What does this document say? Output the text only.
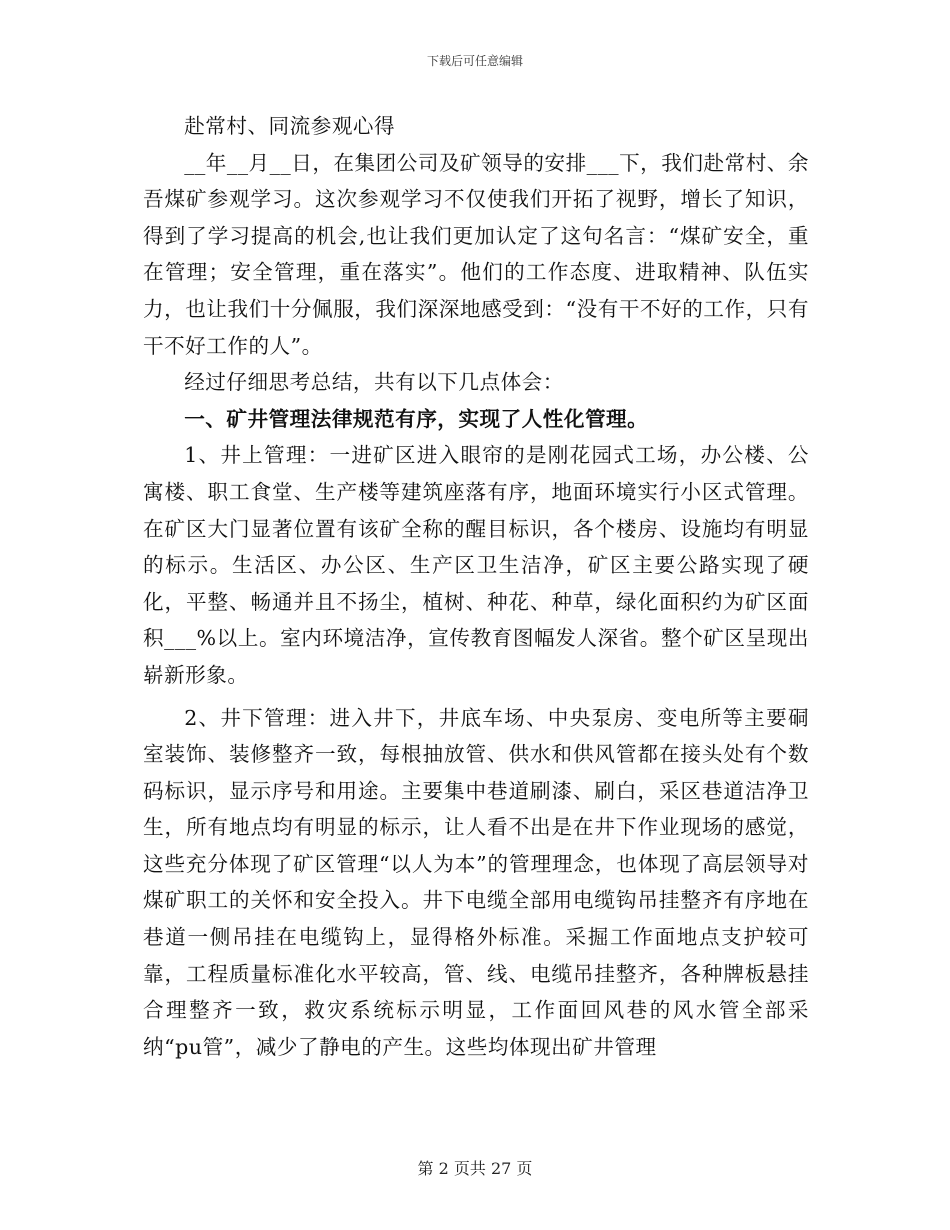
下载后可任意编辑

赴常村、同流参观心得

__年__月__日，在集团公司及矿领导的安排___下，我们赴常村、余吾煤矿参观学习。这次参观学习不仅使我们开拓了视野，增长了知识，得到了学习提高的机会,也让我们更加认定了这句名言：“煤矿安全，重在管理；安全管理，重在落实”。他们的工作态度、进取精神、队伍实力，也让我们十分佩服，我们深深地感受到：“没有干不好的工作，只有干不好工作的人”。

经过仔细思考总结，共有以下几点体会：

一、矿井管理法律规范有序，实现了人性化管理。

1、井上管理：一进矿区进入眼帘的是刚花园式工场，办公楼、公寓楼、职工食堂、生产楼等建筑座落有序，地面环境实行小区式管理。在矿区大门显著位置有该矿全称的醒目标识，各个楼房、设施均有明显的标示。生活区、办公区、生产区卫生洁净，矿区主要公路实现了硬化，平整、畅通并且不扬尘，植树、种花、种草，绿化面积约为矿区面积___%以上。室内环境洁净，宣传教育图幅发人深省。整个矿区呈现出崭新形象。

2、井下管理：进入井下，井底车场、中央泵房、变电所等主要硐室装饰、装修整齐一致，每根抽放管、供水和供风管都在接头处有个数码标识，显示序号和用途。主要集中巷道刷漆、刷白，采区巷道洁净卫生，所有地点均有明显的标示，让人看不出是在井下作业现场的感觉，这些充分体现了矿区管理“以人为本”的管理理念，也体现了高层领导对煤矿职工的关怀和安全投入。井下电缆全部用电缆钩吊挂整齐有序地在巷道一侧吊挂在电缆钩上，显得格外标准。采掘工作面地点支护较可靠，工程质量标准化水平较高，管、线、电缆吊挂整齐，各种牌板悬挂合理整齐一致，救灾系统标示明显，工作面回风巷的风水管全部采纳“pu管”，减少了静电的产生。这些均体现出矿井管理

第 2 页共 27 页
